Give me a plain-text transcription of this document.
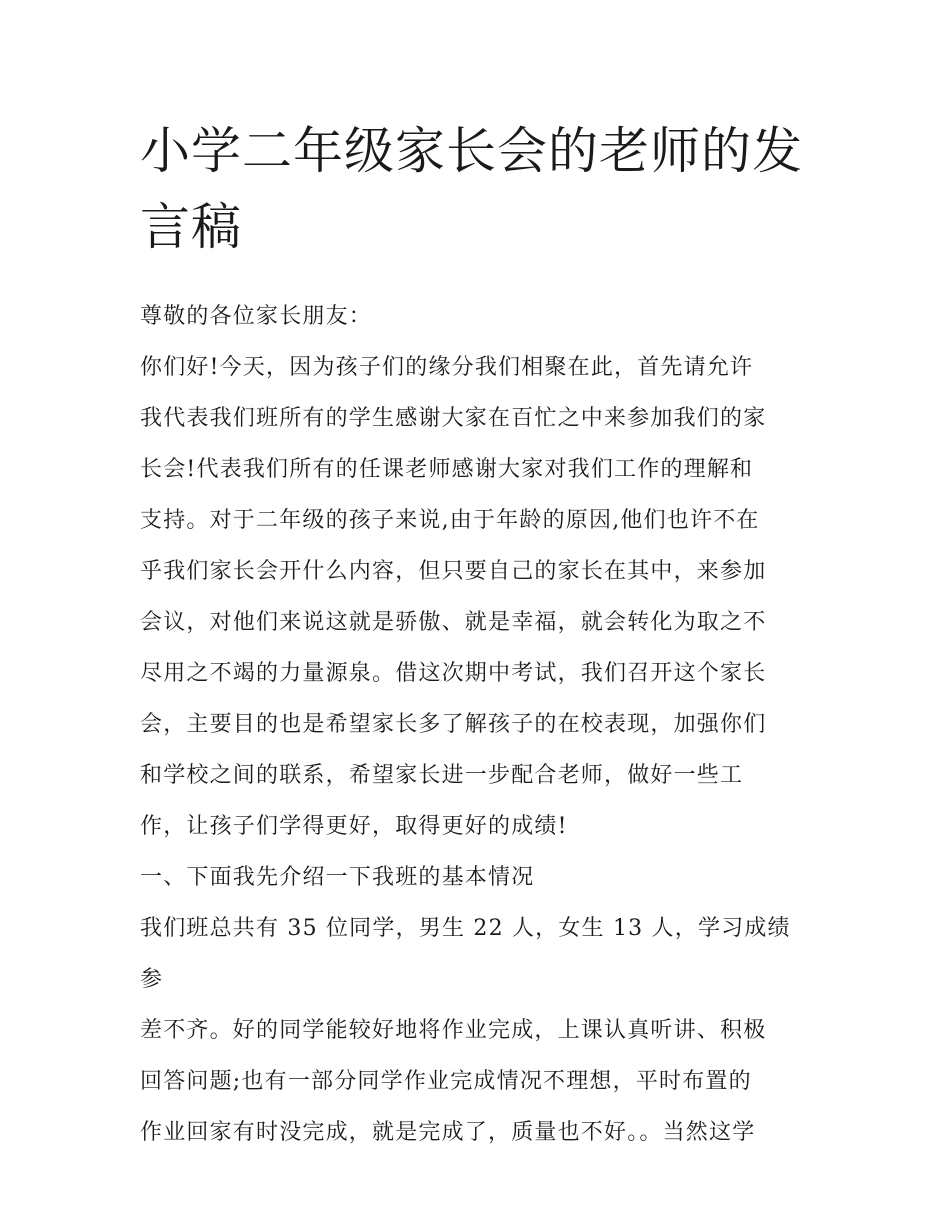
小学二年级家长会的老师的发
言稿

尊敬的各位家长朋友：

你们好!今天，因为孩子们的缘分我们相聚在此，首先请允许
我代表我们班所有的学生感谢大家在百忙之中来参加我们的家
长会!代表我们所有的任课老师感谢大家对我们工作的理解和
支持。对于二年级的孩子来说,由于年龄的原因,他们也许不在
乎我们家长会开什么内容，但只要自己的家长在其中，来参加
会议，对他们来说这就是骄傲、就是幸福，就会转化为取之不
尽用之不竭的力量源泉。借这次期中考试，我们召开这个家长
会，主要目的也是希望家长多了解孩子的在校表现，加强你们
和学校之间的联系，希望家长进一步配合老师，做好一些工
作，让孩子们学得更好，取得更好的成绩!

一、下面我先介绍一下我班的基本情况

我们班总共有 35 位同学，男生 22 人，女生 13 人，学习成绩参
差不齐。好的同学能较好地将作业完成，上课认真听讲、积极
回答问题;也有一部分同学作业完成情况不理想，平时布置的
作业回家有时没完成，就是完成了，质量也不好。。当然这学
